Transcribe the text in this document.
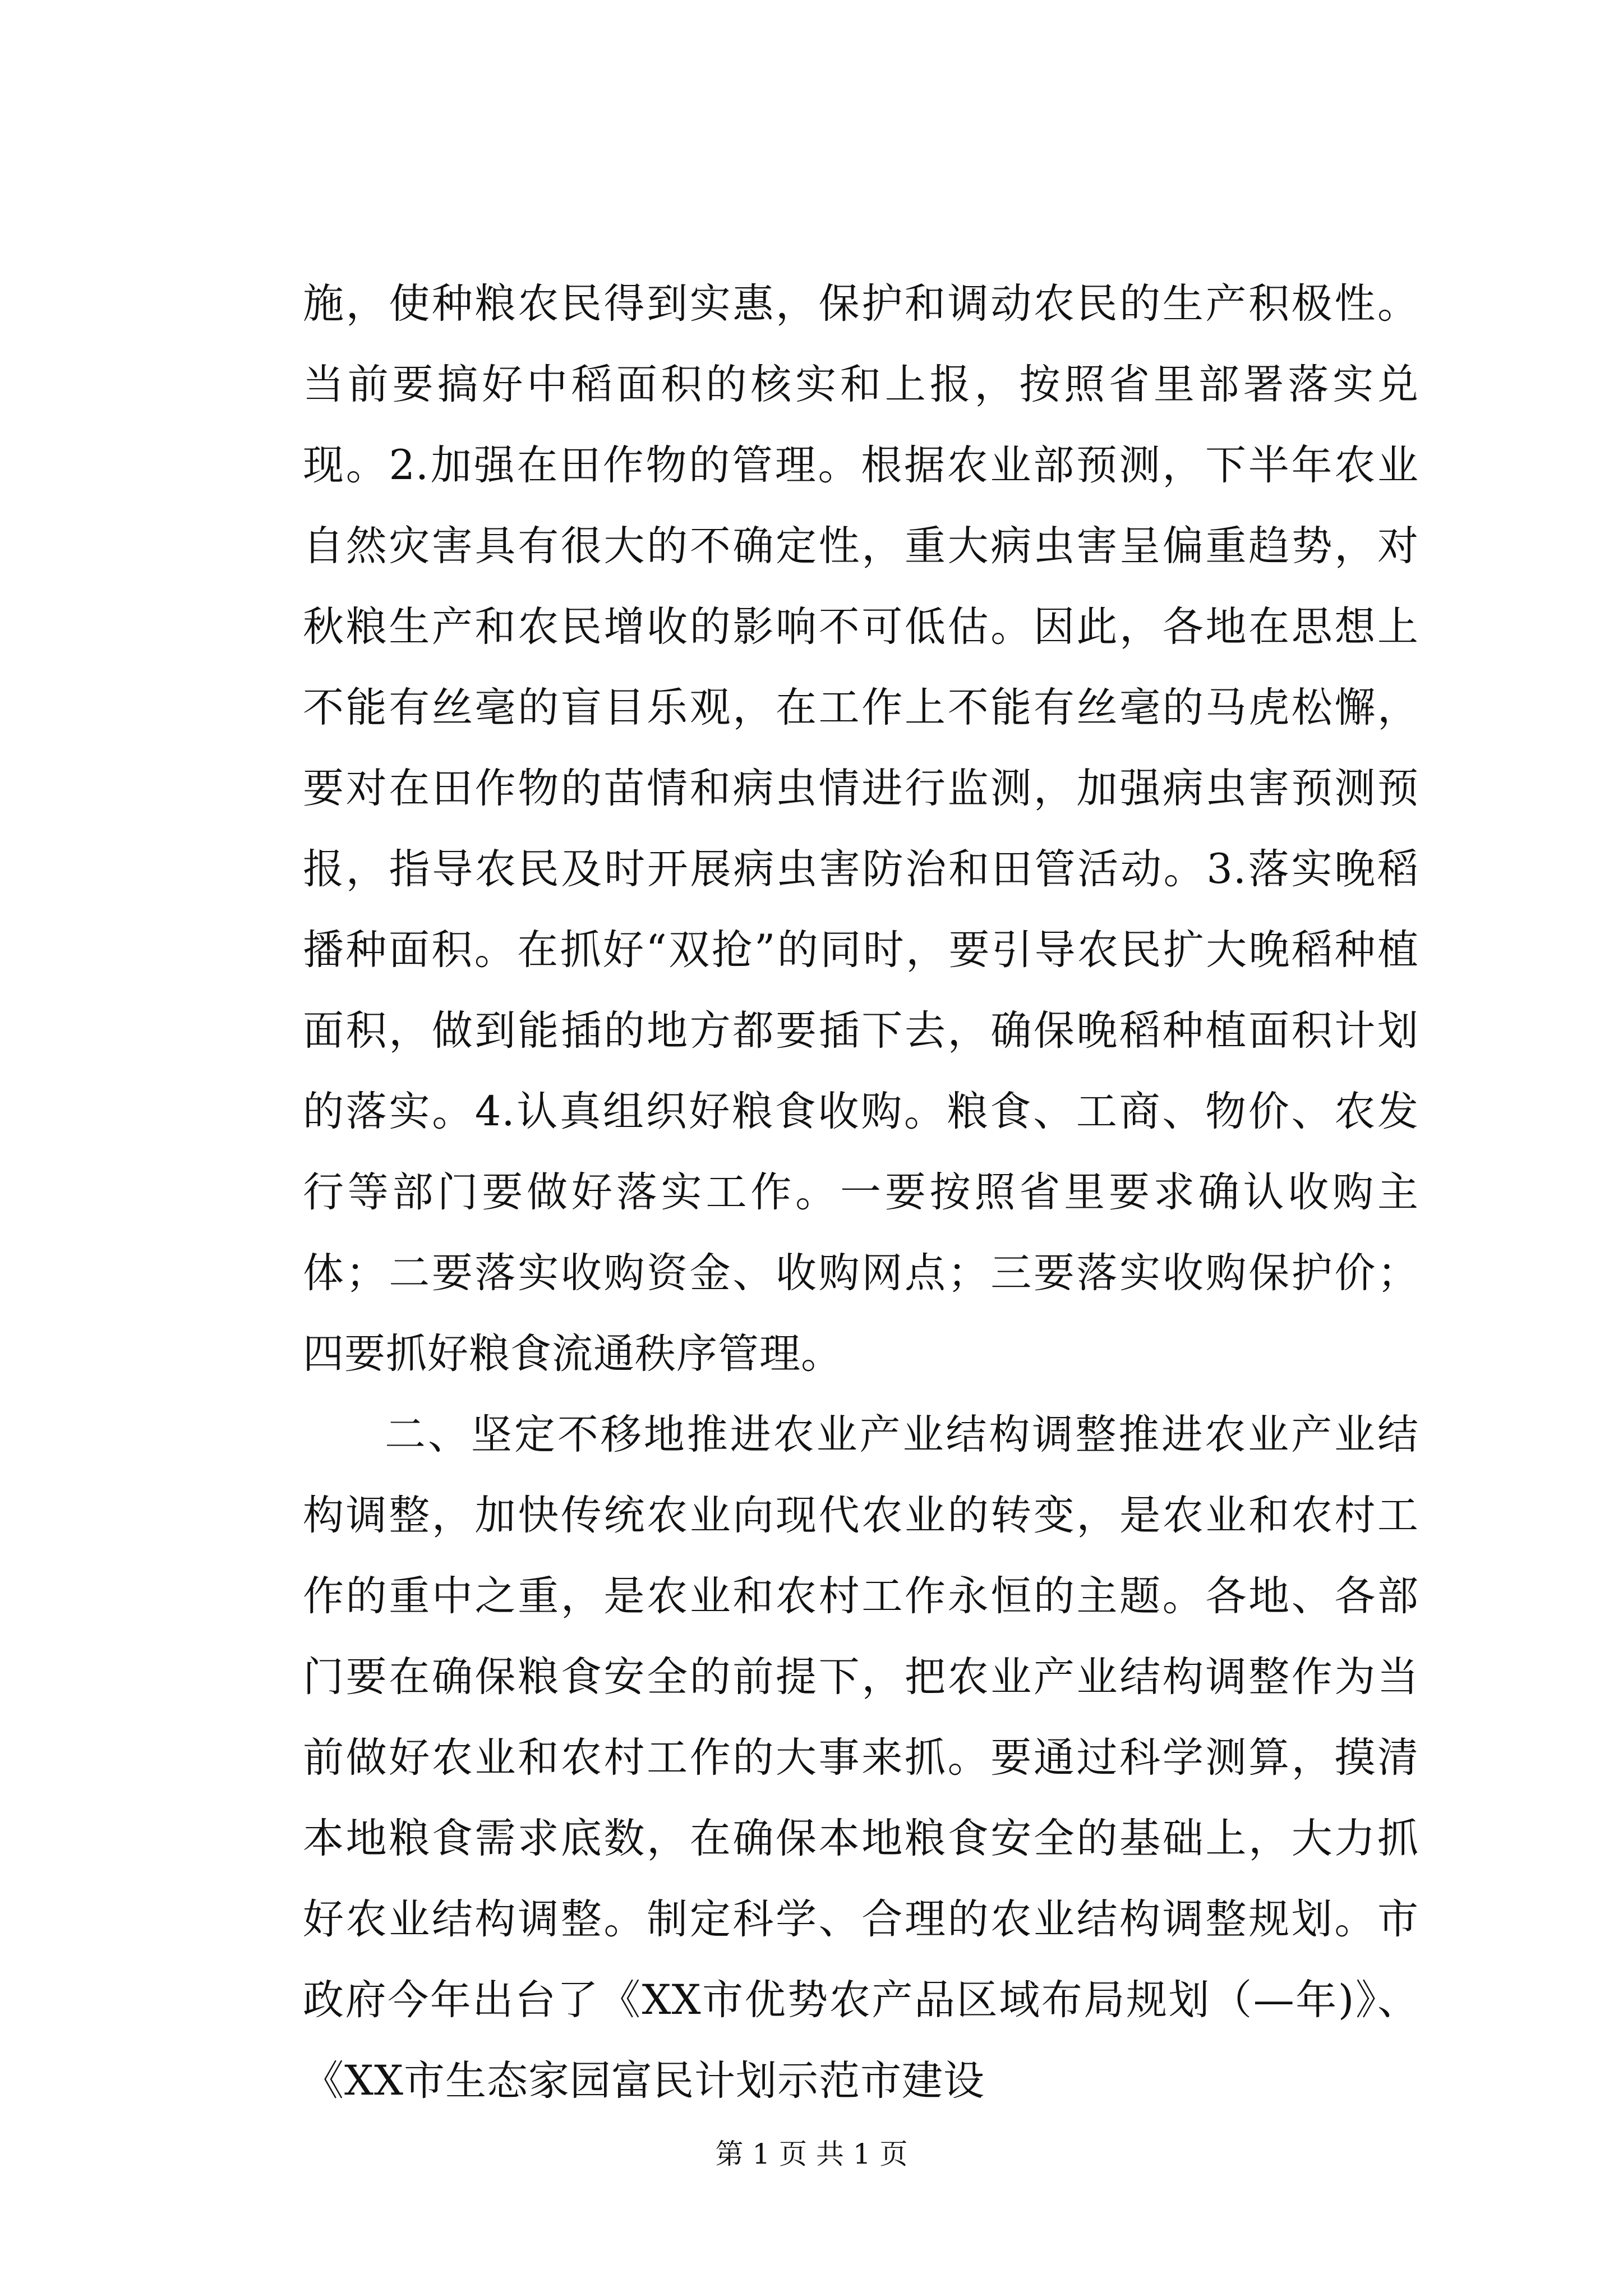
施，使种粮农民得到实惠，保护和调动农民的生产积极性。当前要搞好中稻面积的核实和上报，按照省里部署落实兑现。2.加强在田作物的管理。根据农业部预测，下半年农业自然灾害具有很大的不确定性，重大病虫害呈偏重趋势，对秋粮生产和农民增收的影响不可低估。因此，各地在思想上不能有丝毫的盲目乐观，在工作上不能有丝毫的马虎松懈，要对在田作物的苗情和病虫情进行监测，加强病虫害预测预报，指导农民及时开展病虫害防治和田管活动。3.落实晚稻播种面积。在抓好“双抢”的同时，要引导农民扩大晚稻种植面积，做到能插的地方都要插下去，确保晚稻种植面积计划的落实。4.认真组织好粮食收购。粮食、工商、物价、农发行等部门要做好落实工作。一要按照省里要求确认收购主体；二要落实收购资金、收购网点；三要落实收购保护价；四要抓好粮食流通秩序管理。

二、坚定不移地推进农业产业结构调整推进农业产业结构调整，加快传统农业向现代农业的转变，是农业和农村工作的重中之重，是农业和农村工作永恒的主题。各地、各部门要在确保粮食安全的前提下，把农业产业结构调整作为当前做好农业和农村工作的大事来抓。要通过科学测算，摸清本地粮食需求底数，在确保本地粮食安全的基础上，大力抓好农业结构调整。制定科学、合理的农业结构调整规划。市政府今年出台了《XX市优势农产品区域布局规划（—年)》、《XX市生态家园富民计划示范市建设

第 1 页 共 1 页
